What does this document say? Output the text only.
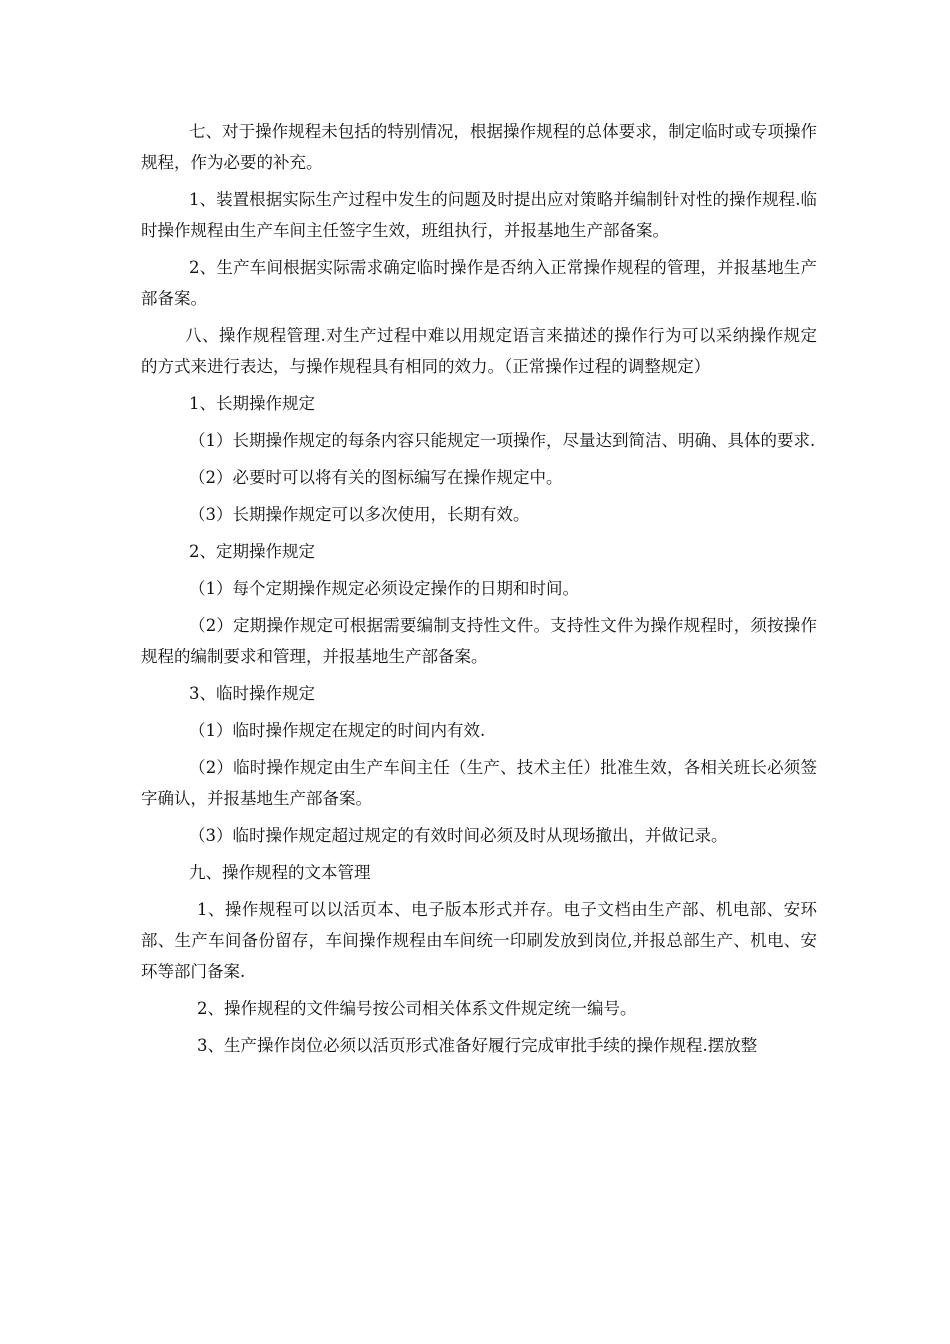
七、对于操作规程未包括的特别情况，根据操作规程的总体要求，制定临时或专项操作规程，作为必要的补充。

1、装置根据实际生产过程中发生的问题及时提出应对策略并编制针对性的操作规程.临时操作规程由生产车间主任签字生效，班组执行，并报基地生产部备案。

2、生产车间根据实际需求确定临时操作是否纳入正常操作规程的管理，并报基地生产部备案。

八、操作规程管理.对生产过程中难以用规定语言来描述的操作行为可以采纳操作规定的方式来进行表达，与操作规程具有相同的效力。（正常操作过程的调整规定）

1、长期操作规定

（1）长期操作规定的每条内容只能规定一项操作，尽量达到简洁、明确、具体的要求.

（2）必要时可以将有关的图标编写在操作规定中。

（3）长期操作规定可以多次使用，长期有效。

2、定期操作规定

（1）每个定期操作规定必须设定操作的日期和时间。

（2）定期操作规定可根据需要编制支持性文件。支持性文件为操作规程时，须按操作规程的编制要求和管理，并报基地生产部备案。

3、临时操作规定

（1）临时操作规定在规定的时间内有效.

（2）临时操作规定由生产车间主任（生产、技术主任）批准生效，各相关班长必须签字确认，并报基地生产部备案。

（3）临时操作规定超过规定的有效时间必须及时从现场撤出，并做记录。

九、操作规程的文本管理

1、操作规程可以以活页本、电子版本形式并存。电子文档由生产部、机电部、安环部、生产车间备份留存，车间操作规程由车间统一印刷发放到岗位,并报总部生产、机电、安环等部门备案.

2、操作规程的文件编号按公司相关体系文件规定统一编号。

3、生产操作岗位必须以活页形式准备好履行完成审批手续的操作规程.摆放整
